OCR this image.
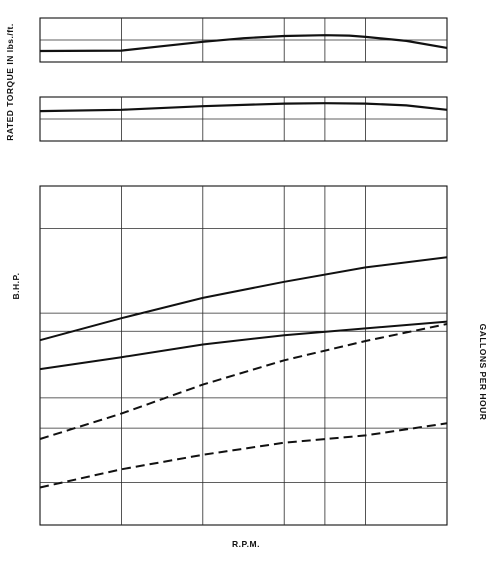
RATED TORQUE IN lbs./ft.
B.H.P.
GALLONS PER HOUR
R.P.M.
